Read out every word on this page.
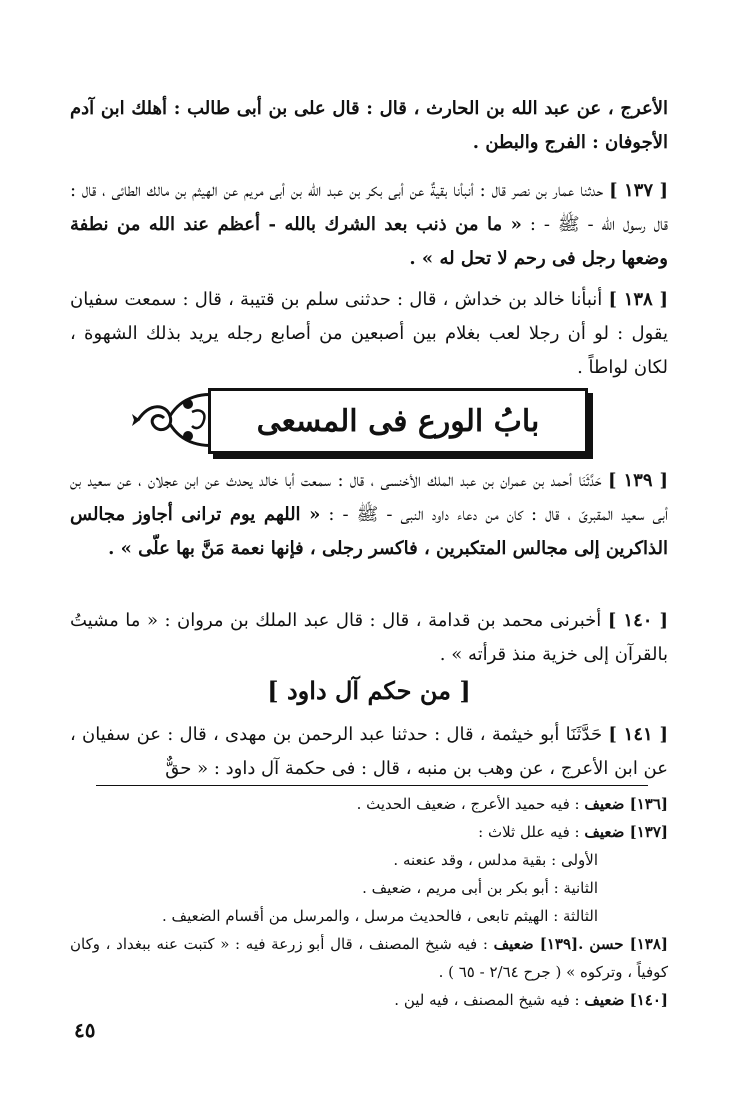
الأعرج ، عن عبد الله بن الحارث ، قال : قال على بن أبى طالب : أهلك ابن آدم الأجوفان : الفرج والبطن .
[ ١٣٧ ] حدثنا عمار بن نصر قال : أنبأنا بقيةٌ عن أبى بكر بن عبد الله بن أبى مريم عن الهيثم بن مالك الطائى ، قال : قال رسول الله - ﷺ - : « ما من ذنب بعد الشرك بالله - أعظم عند الله من نطفة وضعها رجل فى رحم لا تحل له » .
[ ١٣٨ ] أنبأنا خالد بن خداش ، قال : حدثنى سلم بن قتيبة ، قال : سمعت سفيان يقول : لو أن رجلا لعب بغلام بين أصبعين من أصابع رجله يريد بذلك الشهوة ، لكان لواطاً .
بابُ الورع فى المسعى
[ ١٣٩ ] حَدَّثَنَا أحمد بن عمران بن عبد الملك الأخنسى ، قال : سمعت أبا خالد يحدث عن ابن عجلان ، عن سعيد بن أبى سعيد المقبرىّ ، قال : كان من دعاء داود النبى - ﷺ - : « اللهم يوم ترانى أجاوز مجالس الذاكرين إلى مجالس المتكبرين ، فاكسر رجلى ، فإنها نعمة مَنَّ بها علّى » .
[ ١٤٠ ] أخبرنى محمد بن قدامة ، قال : قال عبد الملك بن مروان : « ما مشيتُ بالقرآن إلى خزية منذ قرأته » .
[ من حكم آل داود ]
[ ١٤١ ] حَدَّثَنَا أبو خيثمة ، قال : حدثنا عبد الرحمن بن مهدى ، قال : عن سفيان ، عن ابن الأعرج ، عن وهب بن منبه ، قال : فى حكمة آل داود : « حقٌّ
[١٣٦] ضعيف : فيه حميد الأعرج ، ضعيف الحديث .
[١٣٧] ضعيف : فيه علل ثلاث :
الأولى : بقية مدلس ، وقد عنعنه .
الثانية : أبو بكر بن أبى مريم ، ضعيف .
الثالثة : الهيثم تابعى ، فالحديث مرسل ، والمرسل من أقسام الضعيف .
[١٣٨] حسن .[١٣٩] ضعيف : فيه شيخ المصنف ، قال أبو زرعة فيه : « كتبت عنه ببغداد ، وكان كوفياً ، وتركوه » ( جرح ٢/٦٤ - ٦٥ ) .
[١٤٠] ضعيف : فيه شيخ المصنف ، فيه لين .
٤٥
